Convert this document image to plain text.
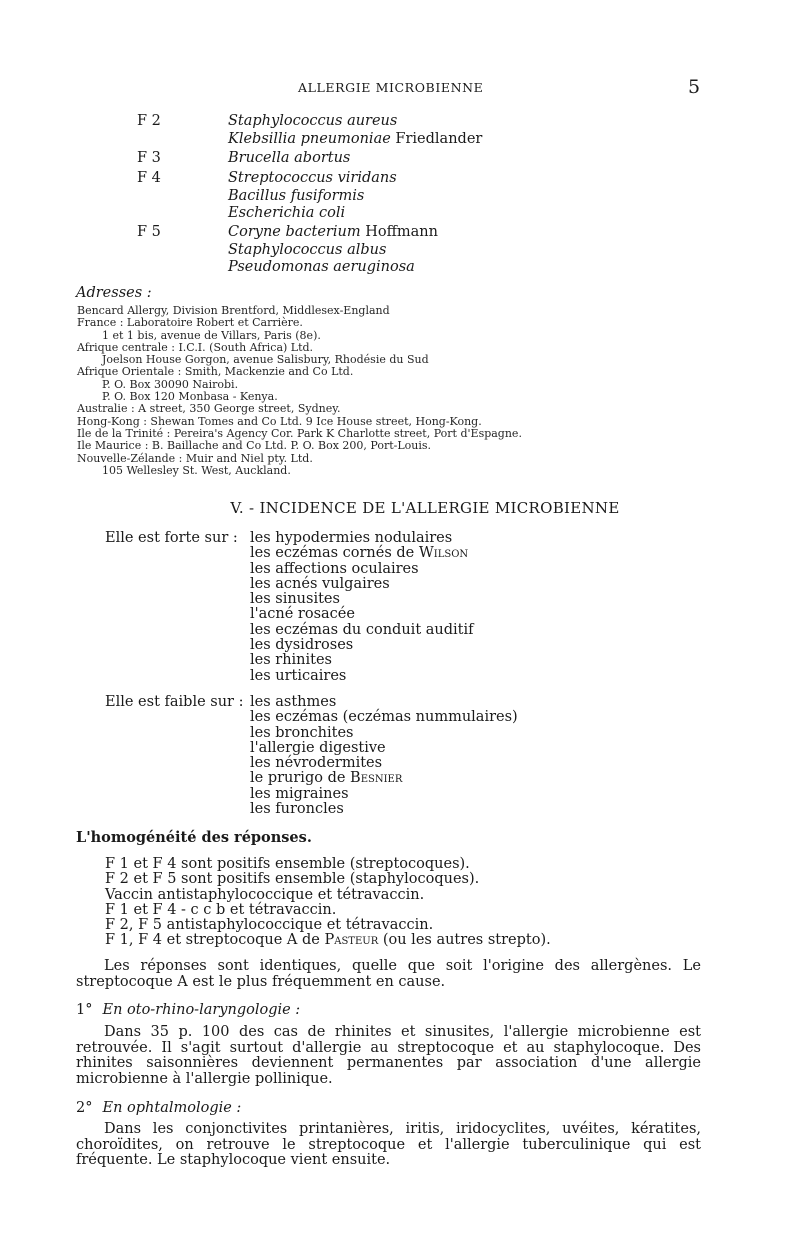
ALLERGIE MICROBIENNE	5
F 2	Staphylococcus aureus
Klebsillia pneumoniae Friedlander
F 3	Brucella abortus
F 4	Streptococcus viridans
Bacillus fusiformis
Escherichia coli
F 5	Coryne bacterium Hoffmann
Staphylococcus albus
Pseudomonas aeruginosa
Adresses :
Bencard Allergy, Division Brentford, Middlesex-England
France : Laboratoire Robert et Carrière.
1 et 1 bis, avenue de Villars, Paris (8e).
Afrique centrale : I.C.I. (South Africa) Ltd.
Joelson House Gorgon, avenue Salisbury, Rhodésie du Sud
Afrique Orientale : Smith, Mackenzie and Co Ltd.
P. O. Box 30090 Nairobi.
P. O. Box 120 Monbasa - Kenya.
Australie : A street, 350 George street, Sydney.
Hong-Kong : Shewan Tomes and Co Ltd. 9 Ice House street, Hong-Kong.
Ile de la Trinité : Pereira's Agency Cor. Park K Charlotte street, Port d'Espagne.
Ile Maurice : B. Baillache and Co Ltd. P. O. Box 200, Port-Louis.
Nouvelle-Zélande : Muir and Niel pty. Ltd.
105 Wellesley St. West, Auckland.
V. - INCIDENCE DE L'ALLERGIE MICROBIENNE
Elle est forte sur : les hypodermies nodulaires
les eczémas cornés de Wilson
les affections oculaires
les acnés vulgaires
les sinusites
l'acné rosacée
les eczémas du conduit auditif
les dysidroses
les rhinites
les urticaires
Elle est faible sur : les asthmes
les eczémas (eczémas nummulaires)
les bronchites
l'allergie digestive
les névrodermites
le prurigo de Besnier
les migraines
les furoncles
L'homogénéité des réponses.
F 1 et F 4 sont positifs ensemble (streptocoques).
F 2 et F 5 sont positifs ensemble (staphylocoques).
Vaccin antistaphylococcique et tétravaccin.
F 1 et F 4 - c c b et tétravaccin.
F 2, F 5 antistaphylococcique et tétravaccin.
F 1, F 4 et streptocoque A de Pasteur (ou les autres strepto).
Les réponses sont identiques, quelle que soit l'origine des allergènes. Le streptocoque A est le plus fréquemment en cause.
1° En oto-rhino-laryngologie :
Dans 35 p. 100 des cas de rhinites et sinusites, l'allergie microbienne est retrouvée. Il s'agit surtout d'allergie au streptocoque et au staphylocoque. Des rhinites saisonnières deviennent permanentes par association d'une allergie microbienne à l'allergie pollinique.
2° En ophtalmologie :
Dans les conjonctivites printanières, iritis, iridocyclites, uvéites, kératites, choroïdites, on retrouve le streptocoque et l'allergie tuberculinique qui est fréquente. Le staphylocoque vient ensuite.
